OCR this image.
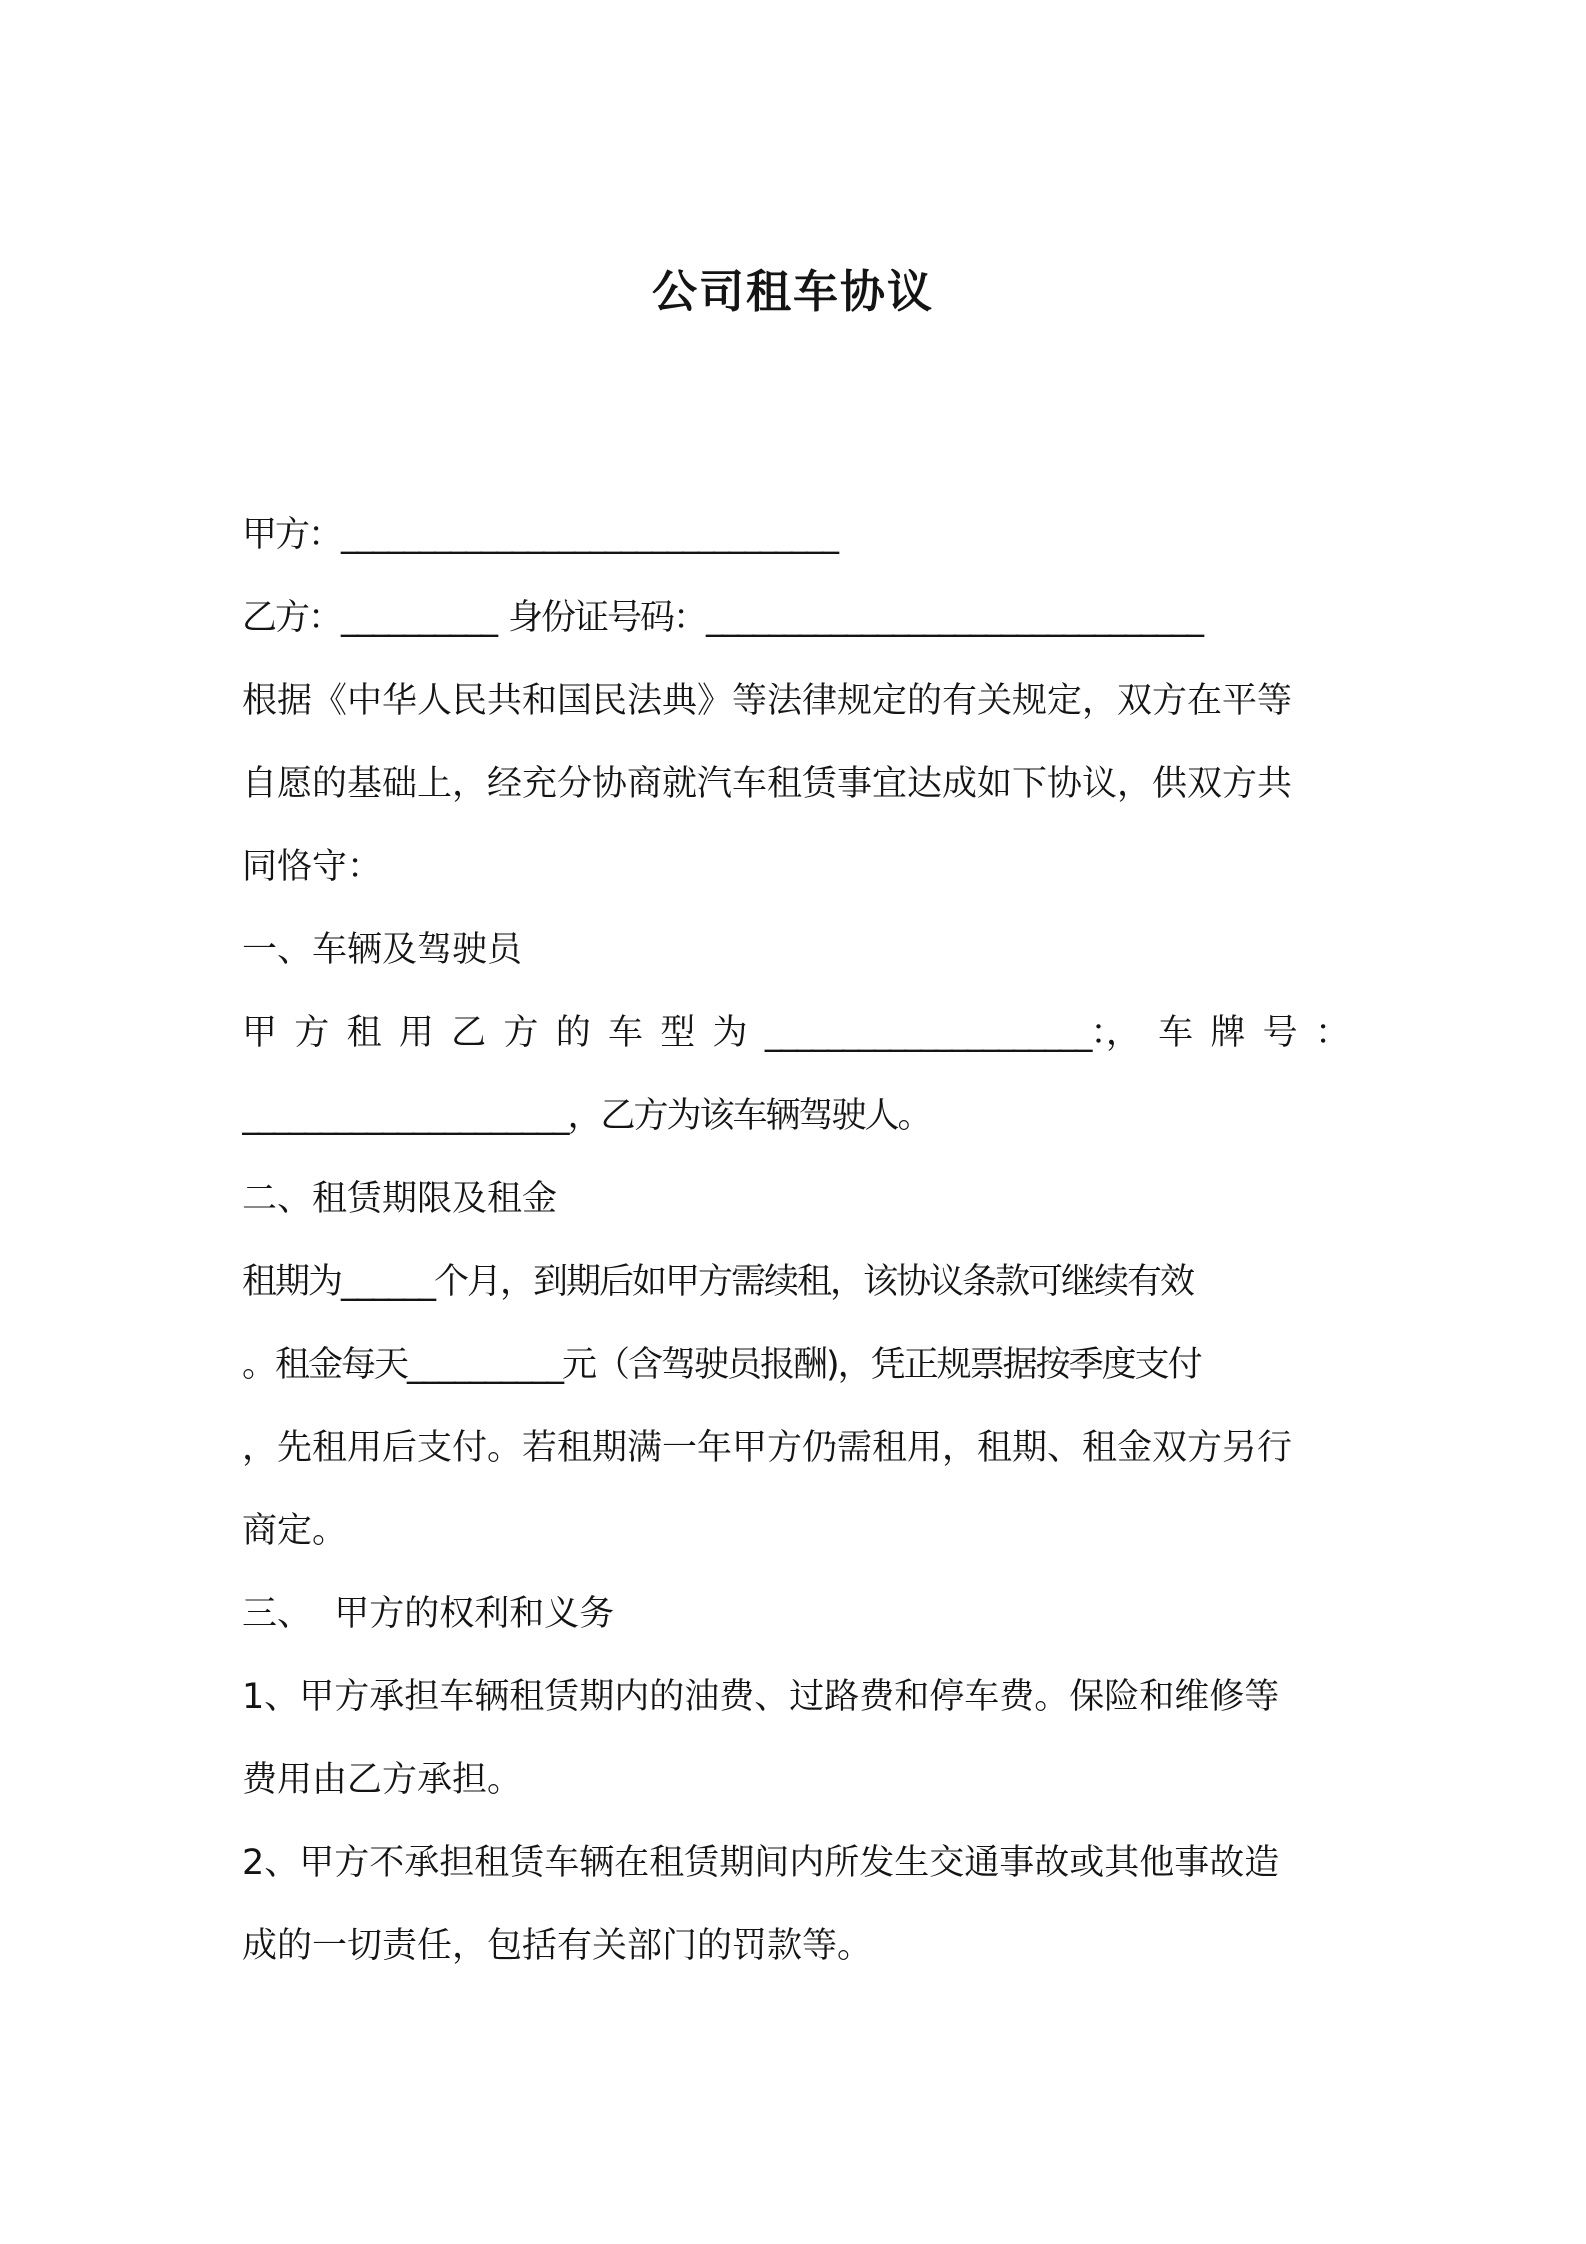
公司租车协议
甲方：________________________________
乙方：__________ 身份证号码：________________________________
根据《中华人民共和国民法典》等法律规定的有关规定，双方在平等
自愿的基础上，经充分协商就汽车租赁事宜达成如下协议，供双方共
同恪守：
一、车辆及驾驶员
甲 方 租 用 乙 方 的 车 型 为 _____________________：， 车 牌 号 ：
_____________________，乙方为该车辆驾驶人。
二、租赁期限及租金
租期为______个月，到期后如甲方需续租，该协议条款可继续有效
。租金每天__________元（含驾驶员报酬)，凭正规票据按季度支付
，先租用后支付。若租期满一年甲方仍需租用，租期、租金双方另行
商定。
三、  甲方的权利和义务
1、甲方承担车辆租赁期内的油费、过路费和停车费。保险和维修等
费用由乙方承担。
2、甲方不承担租赁车辆在租赁期间内所发生交通事故或其他事故造
成的一切责任，包括有关部门的罚款等。
